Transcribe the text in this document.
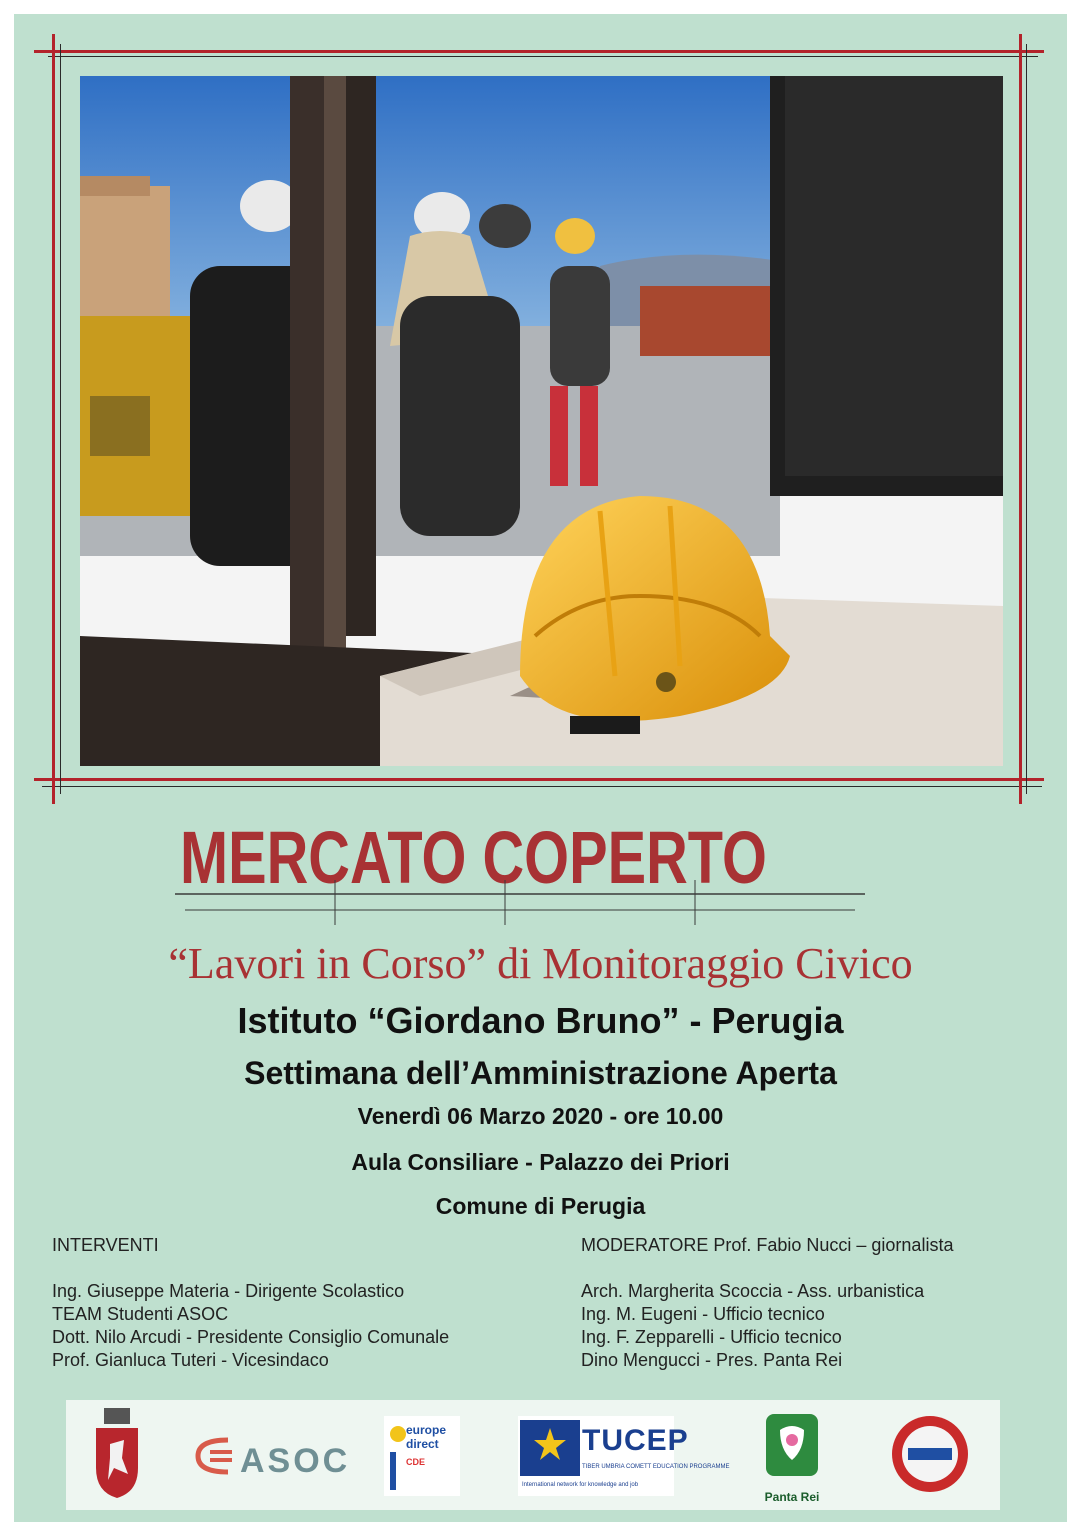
MERCATO COPERTO
“Lavori in Corso” di Monitoraggio Civico
Istituto “Giordano Bruno” - Perugia
Settimana dell’Amministrazione Aperta
Venerdì 06 Marzo 2020 - ore 10.00
Aula Consiliare - Palazzo dei Priori
Comune di Perugia
INTERVENTI
Ing. Giuseppe Materia - Dirigente Scolastico
TEAM Studenti ASOC
Dott. Nilo Arcudi - Presidente Consiglio Comunale
Prof. Gianluca Tuteri - Vicesindaco
MODERATORE Prof. Fabio Nucci – giornalista
Arch. Margherita Scoccia - Ass. urbanistica
Ing. M. Eugeni - Ufficio tecnico
Ing. F. Zepparelli - Ufficio tecnico
Dino Mengucci - Pres. Panta Rei
ASOC
europe
direct
CDE
TUCEP
TIBER UMBRIA COMETT EDUCATION PROGRAMME
International network for knowledge and job
Panta Rei
